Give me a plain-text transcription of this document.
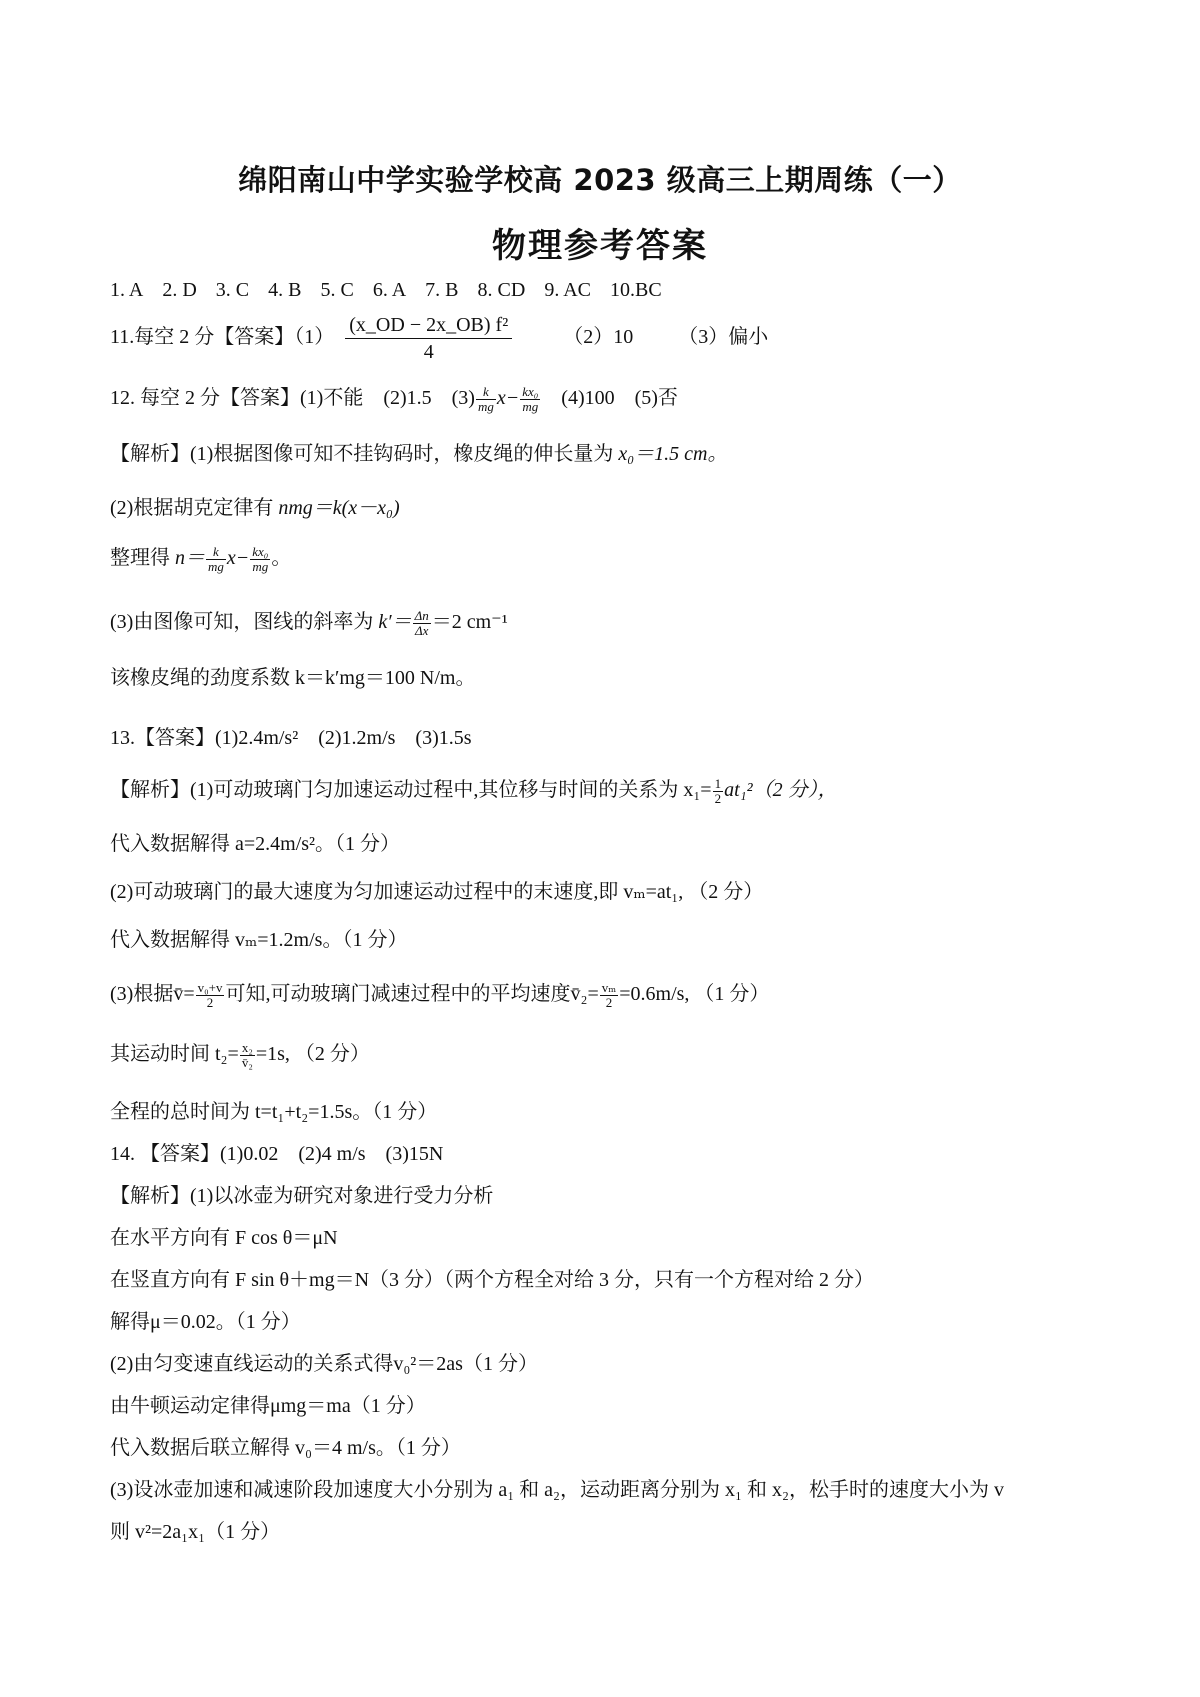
绵阳南山中学实验学校高 2023 级高三上期周练（一）
物理参考答案
1. A 2. D 3. C 4. B 5. C 6. A 7. B 8. CD 9. AC 10.BC
11.每空 2 分【答案】$(1) \frac{\text{(x\_OD − 2x\_OB) f²}}{4}$	（2）10 （3）偏小
12. 每空 2 分【答案】(1)不能　(2)1.5　$(3) \frac{k}{mg} x- \frac{\text{kx₀}}{mg}$ 　(4)100　(5)否
【解析】(1)根据图像可知不挂钩码时，橡皮绳的伸长量为 x₀＝1.5 cm。
(2)根据胡克定律有 nmg＝k(x－x₀)
整理得 $n= \frac{k}{mg} x- \frac{\text{kx₀}}{mg}$ 。
(3)由图像可知，图线的斜率为 $k'= \frac{\Delta n}{\Delta x} =2$ cm⁻¹
该橡皮绳的劲度系数 k＝k′mg＝100 N/m。
13.【答案】(1)2.4m/s²　(2)1.2m/s　(3)1.5s
【解析】(1)可动玻璃门匀加速运动过程中,其位移与时间的关系为 $x_1= \frac{1}{2} at_1^2(2$ 分），
代入数据解得 a=2.4m/s²。（1 分）
(2)可动玻璃门的最大速度为匀加速运动过程中的末速度,即 vₘ=at₁, （2 分）
代入数据解得 vₘ=1.2m/s。（1 分）
(3)根据v̄= $\frac{\text{v₀+v}}{2}$ 可知,可动玻璃门减速过程中的平均速度v̄₂= $\frac{\text{vₘ}}{2} =0.6m/s$, （1 分）
其运动时间 $t_2= \frac{\text{x₂}}{\text{v̄₂}} =1s$, （2 分）
全程的总时间为 t=t₁+t₂=1.5s。（1 分）
14. 【答案】(1)0.02　(2)4 m/s　(3)15N
【解析】(1)以冰壶为研究对象进行受力分析
在水平方向有 F cos θ＝μN
在竖直方向有 F sin θ＋mg＝N（3 分）（两个方程全对给 3 分，只有一个方程对给 2 分）
解得μ＝0.02。（1 分）
(2)由匀变速直线运动的关系式得v₀²＝2as（1 分）
由牛顿运动定律得μmg＝ma（1 分）
代入数据后联立解得 v₀＝4 m/s。（1 分）
(3)设冰壶加速和减速阶段加速度大小分别为 a₁ 和 a₂，运动距离分别为 x₁ 和 x₂，松手时的速度大小为 v
则 v²=2a₁x₁（1 分）
